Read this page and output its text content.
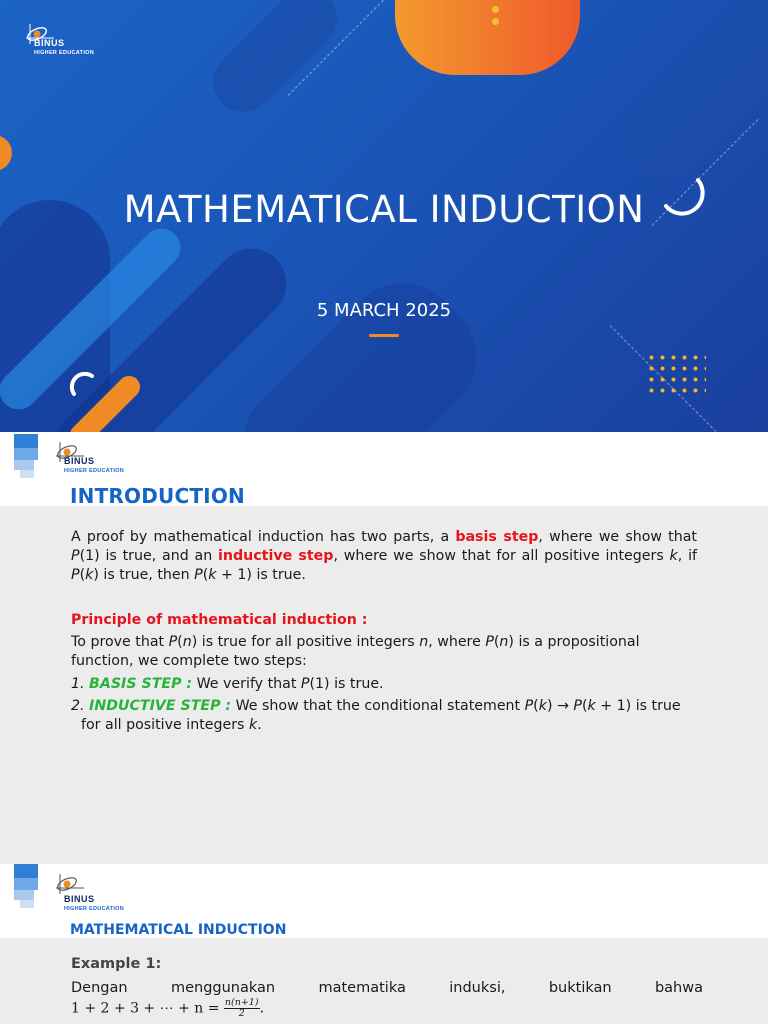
BINUS
HIGHER EDUCATION
MATHEMATICAL INDUCTION
5 MARCH 2025
BINUS
HIGHER EDUCATION
INTRODUCTION
A proof by mathematical induction has two parts, a basis step, where we show that P(1) is true, and an inductive step, where we show that for all positive integers k, if P(k) is true, then P(k + 1) is true.
Principle of mathematical induction :
To prove that P(n) is true for all positive integers n, where P(n) is a propositional function, we complete two steps:
1. BASIS STEP : We verify that P(1) is true.
2. INDUCTIVE STEP : We show that the conditional statement P(k) → P(k + 1) is true for all positive integers k.
BINUS
HIGHER EDUCATION
MATHEMATICAL INDUCTION
Example 1:
Dengan	menggunakan	matematika	induksi,	buktikan	bahwa
1 + 2 + 3 + ⋯ + $n = \frac{n(n+1)}{2}$ .
